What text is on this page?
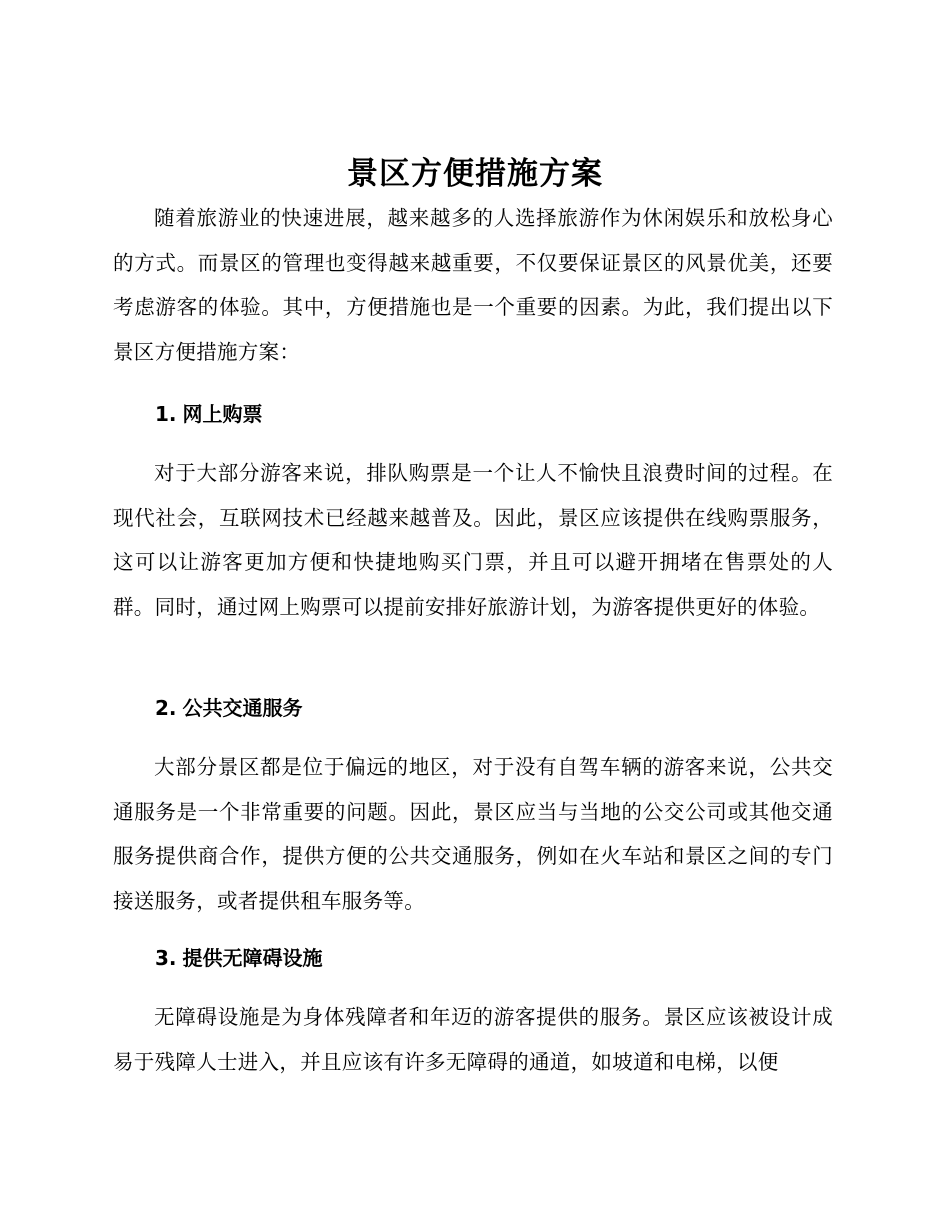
景区方便措施方案

随着旅游业的快速进展，越来越多的人选择旅游作为休闲娱乐和放松身心的方式。而景区的管理也变得越来越重要，不仅要保证景区的风景优美，还要考虑游客的体验。其中，方便措施也是一个重要的因素。为此，我们提出以下景区方便措施方案：

1. 网上购票

对于大部分游客来说，排队购票是一个让人不愉快且浪费时间的过程。在现代社会，互联网技术已经越来越普及。因此，景区应该提供在线购票服务，这可以让游客更加方便和快捷地购买门票，并且可以避开拥堵在售票处的人群。同时，通过网上购票可以提前安排好旅游计划，为游客提供更好的体验。

2. 公共交通服务

大部分景区都是位于偏远的地区，对于没有自驾车辆的游客来说，公共交通服务是一个非常重要的问题。因此，景区应当与当地的公交公司或其他交通服务提供商合作，提供方便的公共交通服务，例如在火车站和景区之间的专门接送服务，或者提供租车服务等。

3. 提供无障碍设施

无障碍设施是为身体残障者和年迈的游客提供的服务。景区应该被设计成易于残障人士进入，并且应该有许多无障碍的通道，如坡道和电梯，以便
